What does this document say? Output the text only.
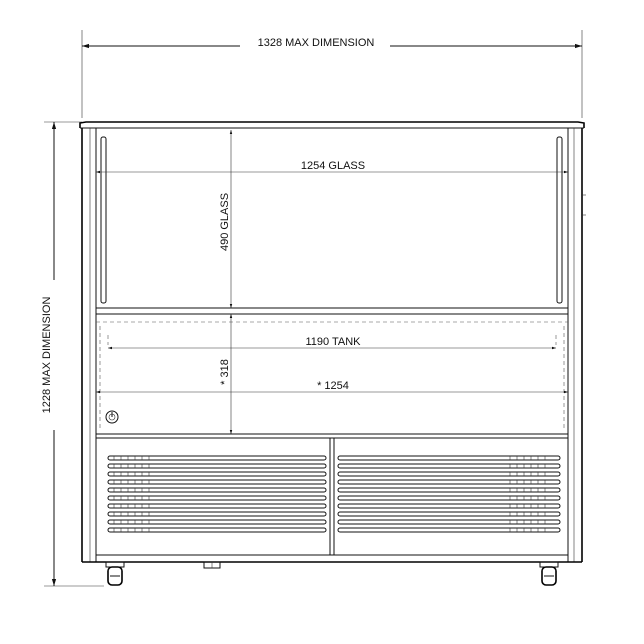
1328 MAX DIMENSION
1228 MAX DIMENSION
1254 GLASS
490 GLASS
1190 TANK
* 1254
* 318
